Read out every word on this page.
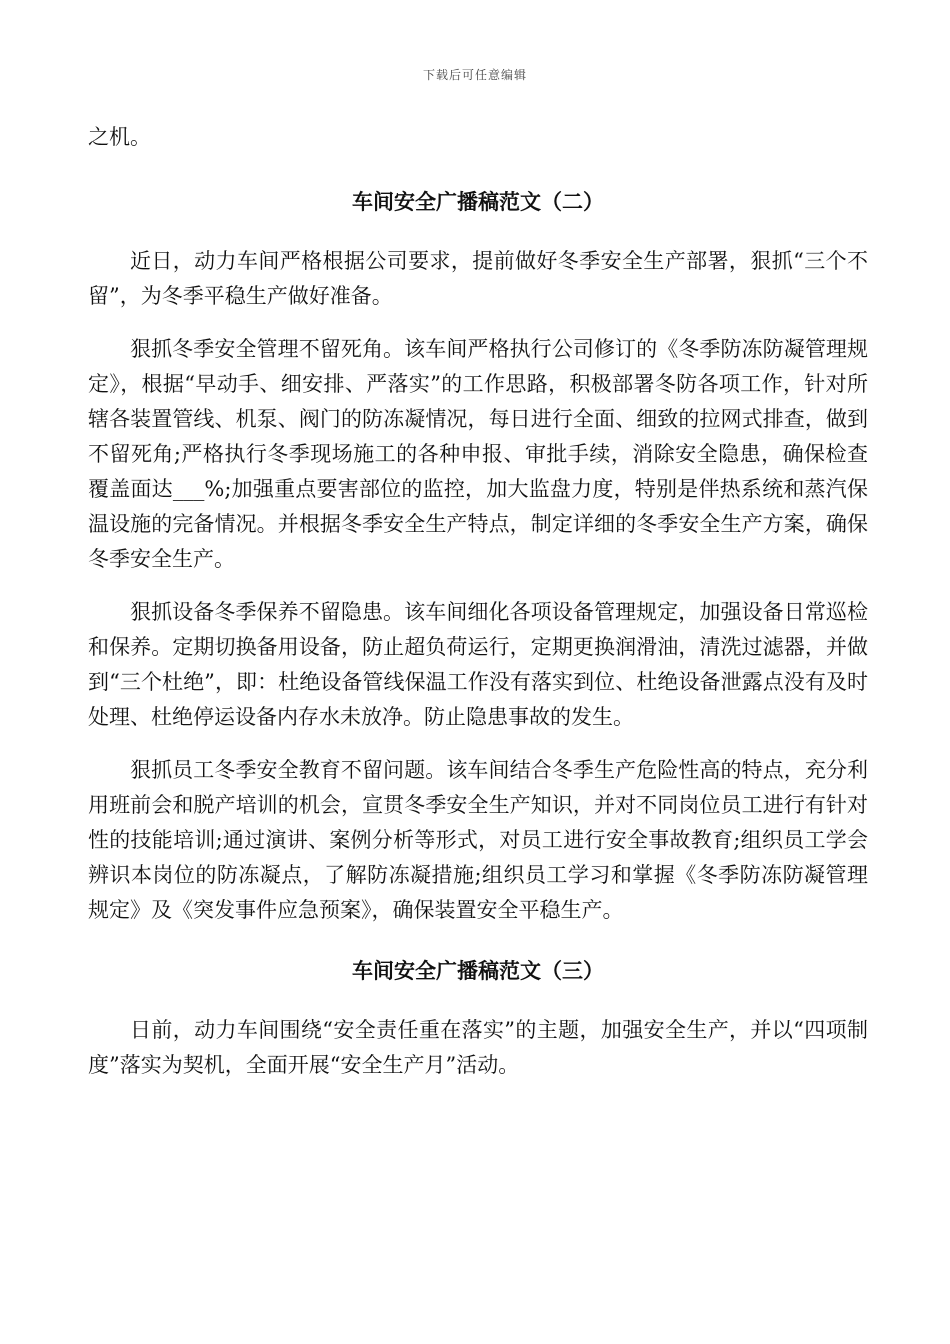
下载后可任意编辑

之机。

车间安全广播稿范文（二）

近日，动力车间严格根据公司要求，提前做好冬季安全生产部署，狠抓“三个不留”，为冬季平稳生产做好准备。

狠抓冬季安全管理不留死角。该车间严格执行公司修订的《冬季防冻防凝管理规定》，根据“早动手、细安排、严落实”的工作思路，积极部署冬防各项工作，针对所辖各装置管线、机泵、阀门的防冻凝情况，每日进行全面、细致的拉网式排查，做到不留死角;严格执行冬季现场施工的各种申报、审批手续，消除安全隐患，确保检查覆盖面达___%;加强重点要害部位的监控，加大监盘力度，特别是伴热系统和蒸汽保温设施的完备情况。并根据冬季安全生产特点，制定详细的冬季安全生产方案，确保冬季安全生产。

狠抓设备冬季保养不留隐患。该车间细化各项设备管理规定，加强设备日常巡检和保养。定期切换备用设备，防止超负荷运行，定期更换润滑油，清洗过滤器，并做到“三个杜绝”，即：杜绝设备管线保温工作没有落实到位、杜绝设备泄露点没有及时处理、杜绝停运设备内存水未放净。防止隐患事故的发生。

狠抓员工冬季安全教育不留问题。该车间结合冬季生产危险性高的特点，充分利用班前会和脱产培训的机会，宣贯冬季安全生产知识，并对不同岗位员工进行有针对性的技能培训;通过演讲、案例分析等形式，对员工进行安全事故教育;组织员工学会辨识本岗位的防冻凝点，了解防冻凝措施;组织员工学习和掌握《冬季防冻防凝管理规定》及《突发事件应急预案》，确保装置安全平稳生产。

车间安全广播稿范文（三）

日前，动力车间围绕“安全责任重在落实”的主题，加强安全生产，并以“四项制度”落实为契机，全面开展“安全生产月”活动。
